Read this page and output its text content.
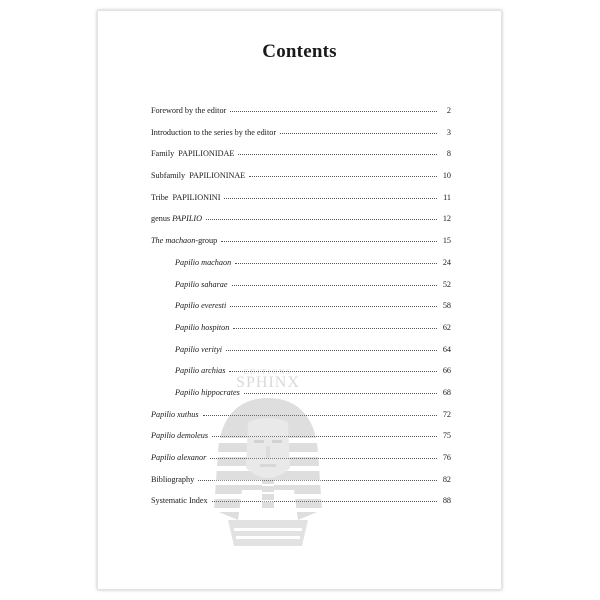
Contents
Foreword by the editor	2
Introduction to the series by the editor	3
Family  PAPILIONIDAE	8
Subfamily  PAPILIONINAE	10
Tribe  PAPILIONINI	11
genus PAPILIO	12
The machaon-group	15
Papilio machaon	24
Papilio saharae	52
Papilio everesti	58
Papilio hospiton	62
Papilio verityi	64
Papilio archias	66
Papilio hippocrates	68
Papilio xuthus	72
Papilio demoleus	75
Papilio alexanor	76
Bibliography	82
Systematic Index	88
EDITIONS
SPHINX
